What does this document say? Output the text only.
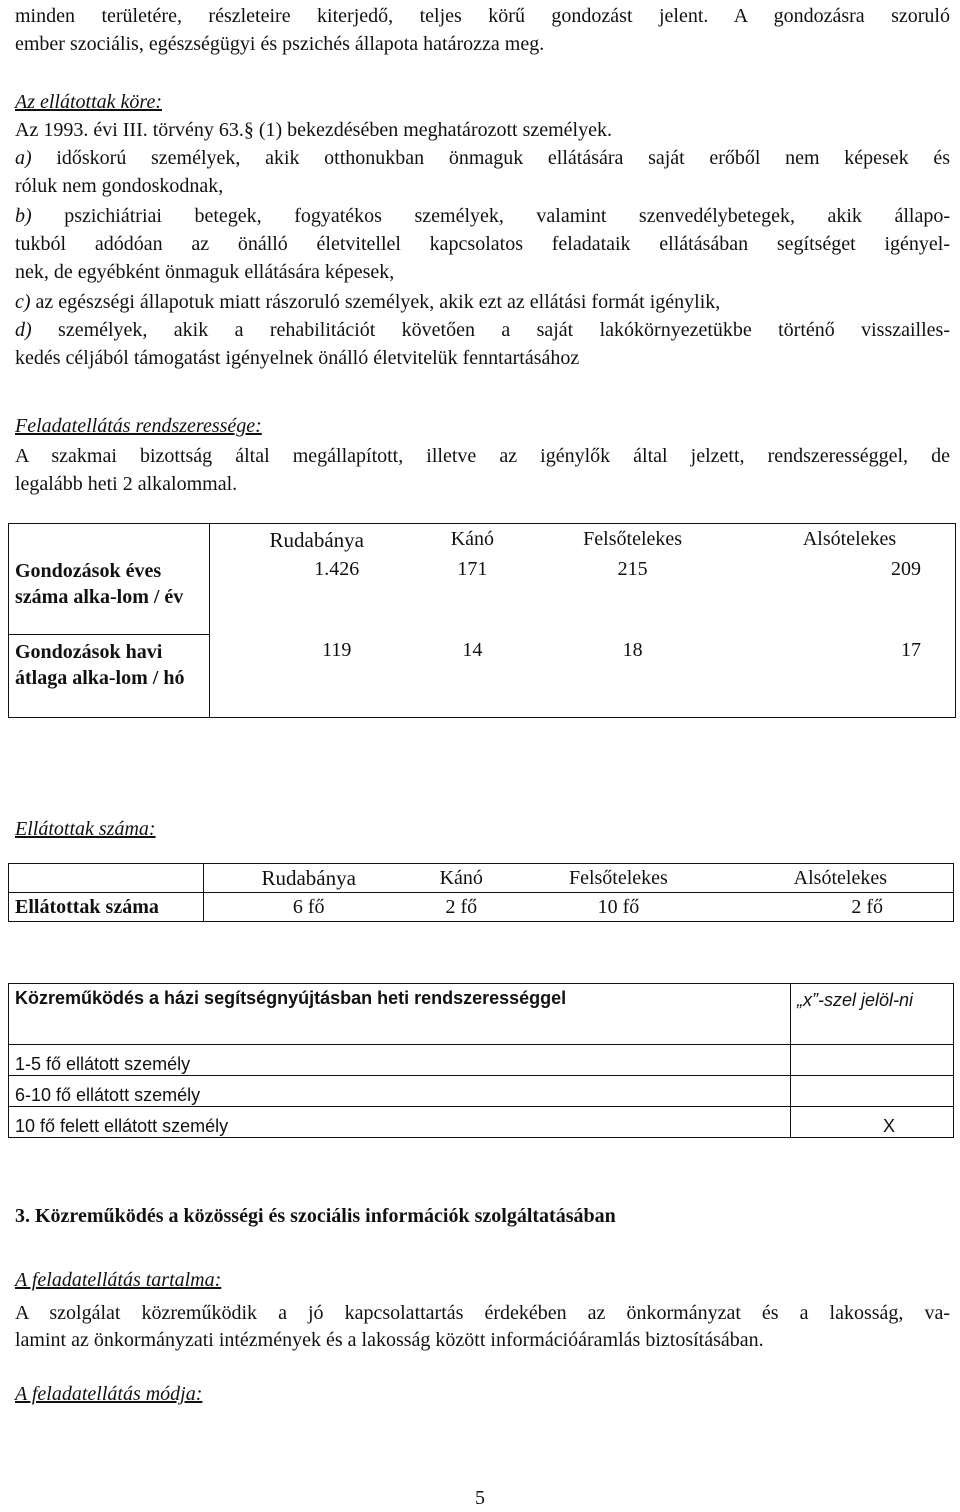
minden területére, részleteire kiterjedő, teljes körű gondozást jelent. A gondozásra szoruló

ember szociális, egészségügyi és pszichés állapota határozza meg.

Az ellátottak köre:

Az 1993. évi III. törvény 63.§ (1) bekezdésében meghatározott személyek.

a) időskorú személyek, akik otthonukban önmaguk ellátására saját erőből nem képesek és

róluk nem gondoskodnak,

b) pszichiátriai betegek, fogyatékos személyek, valamint szenvedélybetegek, akik állapo-

tukból adódóan az önálló életvitellel kapcsolatos feladataik ellátásában segítséget igényel-

nek, de egyébként önmaguk ellátására képesek,

c) az egészségi állapotuk miatt rászoruló személyek, akik ezt az ellátási formát igénylik,

d) személyek, akik a rehabilitációt követően a saját lakókörnyezetükbe történő visszailles-

kedés céljából támogatást igényelnek önálló életvitelük fenntartásához

Feladatellátás rendszeressége:

A szakmai bizottság által megállapított, illetve az igénylők által jelzett, rendszerességgel, de

legalább heti 2 alkalommal.

	Rudabánya	Kánó	Felsőtelekes	Alsótelekes
Gondozások éves száma alka-lom / év	1.426	171	215	209
Gondozások havi átlaga alka-lom / hó	119	14	18	17

Ellátottak száma:

	Rudabánya	Kánó	Felsőtelekes	Alsótelekes
Ellátottak száma	6 fő	2 fő	10 fő	2 fő
Közreműködés a házi segítségnyújtásban heti rendszerességgel	„x”-szel jelöl-ni
1-5 fő ellátott személy	
6-10 fő ellátott személy	
10 fő felett ellátott személy	X

3. Közreműködés a közösségi és szociális információk szolgáltatásában

A feladatellátás tartalma:

A szolgálat közreműködik a jó kapcsolattartás érdekében az önkormányzat és a lakosság, va-

lamint az önkormányzati intézmények és a lakosság között információáramlás biztosításában.

A feladatellátás módja:

5
